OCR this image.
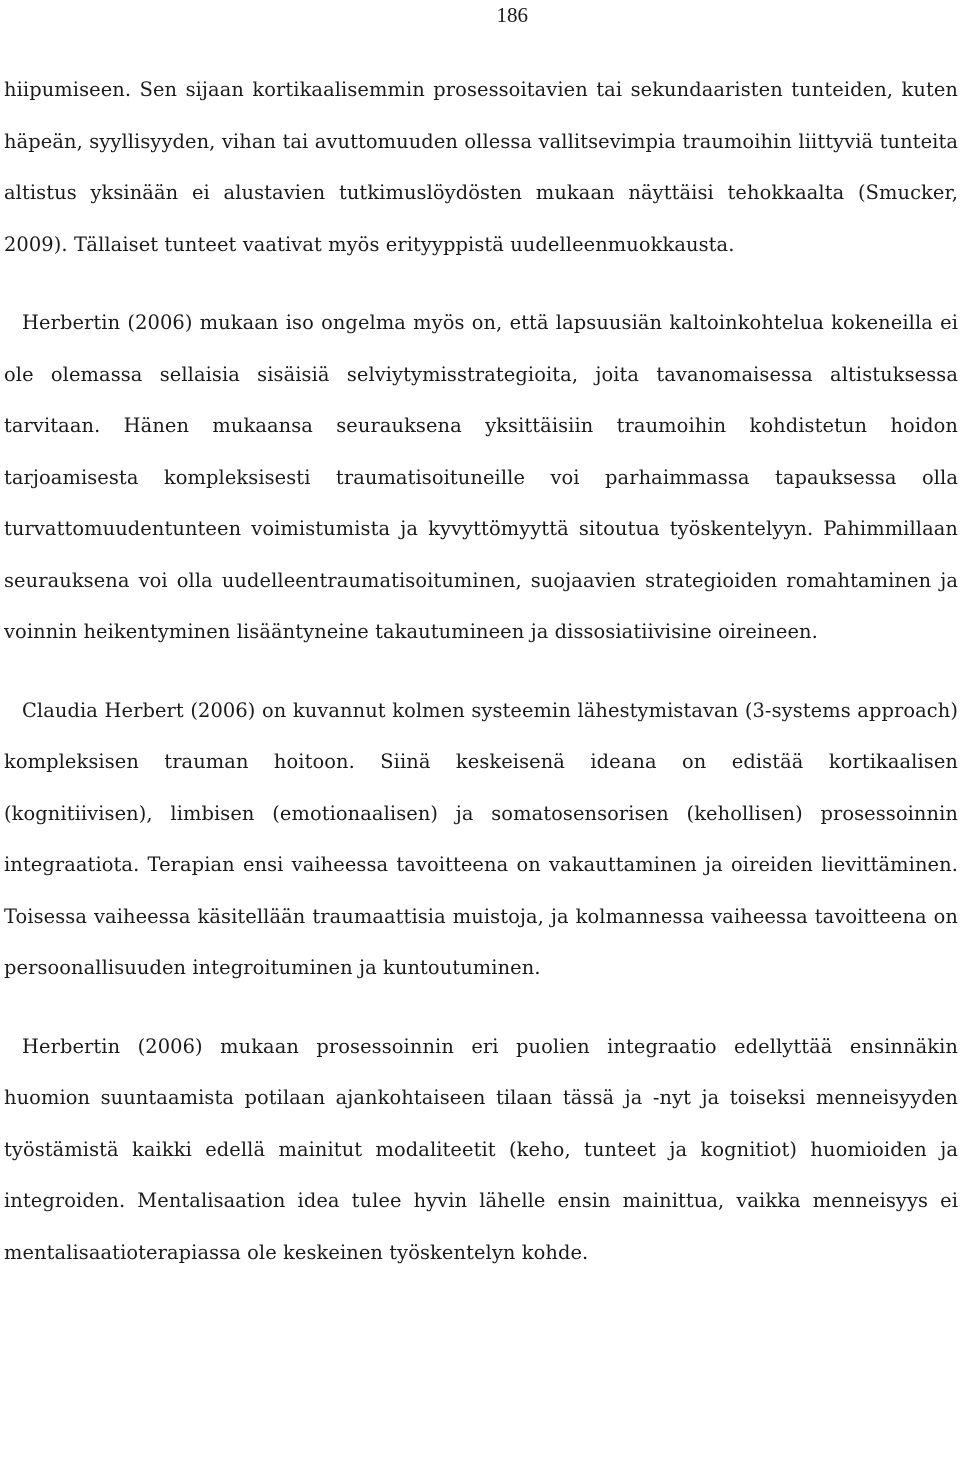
186

hiipumiseen. Sen sijaan kortikaalisemmin prosessoitavien tai sekundaaristen tunteiden, kuten häpeän, syyllisyyden, vihan tai avuttomuuden ollessa vallitsevimpia traumoihin liittyviä tunteita altistus yksinään ei alustavien tutkimuslöydösten mukaan näyttäisi tehokkaalta (Smucker, 2009). Tällaiset tunteet vaativat myös erityyppistä uudelleenmuokkausta.

Herbertin (2006) mukaan iso ongelma myös on, että lapsuusiän kaltoinkohtelua kokeneilla ei ole olemassa sellaisia sisäisiä selviytymisstrategioita, joita tavanomaisessa altistuksessa tarvitaan. Hänen mukaansa seurauksena yksittäisiin traumoihin kohdistetun hoidon tarjoamisesta kompleksisesti traumatisoituneille voi parhaimmassa tapauksessa olla turvattomuudentunteen voimistumista ja kyvyttömyyttä sitoutua työskentelyyn. Pahimmillaan seurauksena voi olla uudelleentraumatisoituminen, suojaavien strategioiden romahtaminen ja voinnin heikentyminen lisääntyneine takautumineen ja dissosiatiivisine oireineen.

Claudia Herbert (2006) on kuvannut kolmen systeemin lähestymistavan (3-systems approach) kompleksisen trauman hoitoon. Siinä keskeisenä ideana on edistää kortikaalisen (kognitiivisen), limbisen (emotionaalisen) ja somatosensorisen (kehollisen) prosessoinnin integraatiota. Terapian ensi vaiheessa tavoitteena on vakauttaminen ja oireiden lievittäminen. Toisessa vaiheessa käsitellään traumaattisia muistoja, ja kolmannessa vaiheessa tavoitteena on persoonallisuuden integroituminen ja kuntoutuminen.

Herbertin (2006) mukaan prosessoinnin eri puolien integraatio edellyttää ensinnäkin huomion suuntaamista potilaan ajankohtaiseen tilaan tässä ja -nyt ja toiseksi menneisyyden työstämistä kaikki edellä mainitut modaliteetit (keho, tunteet ja kognitiot) huomioiden ja integroiden. Mentalisaation idea tulee hyvin lähelle ensin mainittua, vaikka menneisyys ei mentalisaatioterapiassa ole keskeinen työskentelyn kohde.
